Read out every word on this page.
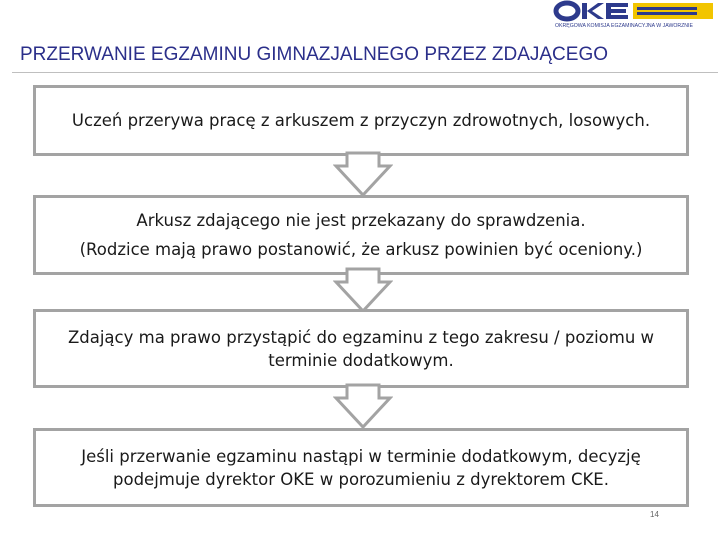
OKRĘGOWA KOMISJA EGZAMINACYJNA W JAWORZNIE
PRZERWANIE EGZAMINU GIMNAZJALNEGO PRZEZ ZDAJĄCEGO
Uczeń przerywa pracę z arkuszem z przyczyn zdrowotnych, losowych.
Arkusz zdającego nie jest przekazany do sprawdzenia.
(Rodzice mają prawo postanowić, że arkusz powinien być oceniony.)
Zdający ma prawo przystąpić do egzaminu z tego zakresu / poziomu w
terminie dodatkowym.
Jeśli przerwanie egzaminu nastąpi w terminie dodatkowym, decyzję
podejmuje dyrektor OKE w porozumieniu z dyrektorem CKE.
14
